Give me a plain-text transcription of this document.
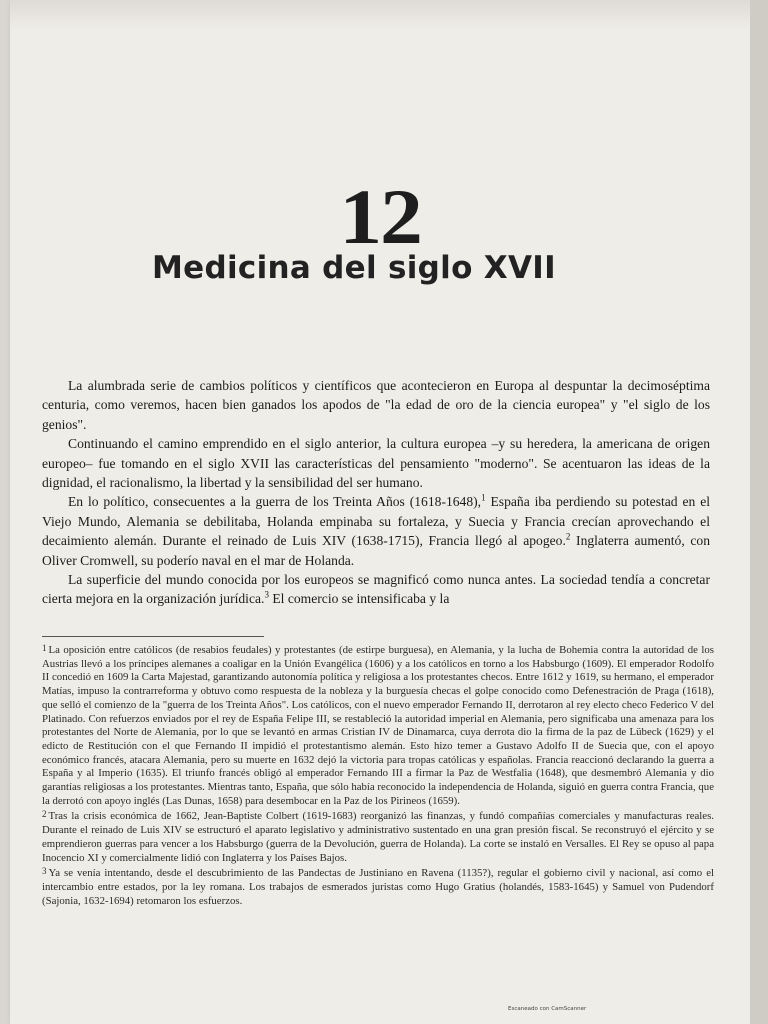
12
Medicina del siglo XVII

La alumbrada serie de cambios políticos y científicos que acontecieron en Europa al despuntar la decimoséptima centuria, como veremos, hacen bien ganados los apodos de "la edad de oro de la ciencia europea" y "el siglo de los genios".

Continuando el camino emprendido en el siglo anterior, la cultura europea –y su heredera, la americana de origen europeo– fue tomando en el siglo XVII las características del pensamiento "moderno". Se acentuaron las ideas de la dignidad, el racionalismo, la libertad y la sensibilidad del ser humano.

En lo político, consecuentes a la guerra de los Treinta Años (1618-1648),$^1$ España iba perdiendo su potestad en el Viejo Mundo, Alemania se debilitaba, Holanda empinaba su fortaleza, y Suecia y Francia crecían aprovechando el decaimiento alemán. Durante el reinado de Luis XIV (1638-1715), Francia llegó al apogeo.$^2$ Inglaterra aumentó, con Oliver Cromwell, su poderío naval en el mar de Holanda.

La superficie del mundo conocida por los europeos se magnificó como nunca antes. La sociedad tendía a concretar cierta mejora en la organización jurídica.$^3$ El comercio se intensificaba y la

1 La oposición entre católicos (de resabios feudales) y protestantes (de estirpe burguesa), en Alemania, y la lucha de Bohemia contra la autoridad de los Austrias llevó a los príncipes alemanes a coaligar en la Unión Evangélica (1606) y a los católicos en torno a los Habsburgo (1609). El emperador Rodolfo II concedió en 1609 la Carta Majestad, garantizando autonomía política y religiosa a los protestantes checos. Entre 1612 y 1619, su hermano, el emperador Matías, impuso la contrarreforma y obtuvo como respuesta de la nobleza y la burguesía checas el golpe conocido como Defenestración de Praga (1618), que selló el comienzo de la "guerra de los Treinta Años". Los católicos, con el nuevo emperador Fernando II, derrotaron al rey electo checo Federico V del Platinado. Con refuerzos enviados por el rey de España Felipe III, se restableció la autoridad imperial en Alemania, pero significaba una amenaza para los protestantes del Norte de Alemania, por lo que se levantó en armas Cristian IV de Dinamarca, cuya derrota dio la firma de la paz de Lübeck (1629) y el edicto de Restitución con el que Fernando II impidió el protestantismo alemán. Esto hizo temer a Gustavo Adolfo II de Suecia que, con el apoyo económico francés, atacara Alemania, pero su muerte en 1632 dejó la victoria para tropas católicas y españolas. Francia reaccionó declarando la guerra a España y al Imperio (1635). El triunfo francés obligó al emperador Fernando III a firmar la Paz de Westfalia (1648), que desmembró Alemania y dio garantías religiosas a los protestantes. Mientras tanto, España, que sólo había reconocido la independencia de Holanda, siguió en guerra contra Francia, que la derrotó con apoyo inglés (Las Dunas, 1658) para desembocar en la Paz de los Pirineos (1659).

2 Tras la crisis económica de 1662, Jean-Baptiste Colbert (1619-1683) reorganizó las finanzas, y fundó compañías comerciales y manufacturas reales. Durante el reinado de Luis XIV se estructuró el aparato legislativo y administrativo sustentado en una gran presión fiscal. Se reconstruyó el ejército y se emprendieron guerras para vencer a los Habsburgo (guerra de la Devolución, guerra de Holanda). La corte se instaló en Versalles. El Rey se opuso al papa Inocencio XI y comercialmente lidió con Inglaterra y los Países Bajos.

3 Ya se venía intentando, desde el descubrimiento de las Pandectas de Justiniano en Ravena (1135?), regular el gobierno civil y nacional, así como el intercambio entre estados, por la ley romana. Los trabajos de esmerados juristas como Hugo Gratius (holandés, 1583-1645) y Samuel von Pudendorf (Sajonia, 1632-1694) retomaron los esfuerzos.

Escaneado con CamScanner
